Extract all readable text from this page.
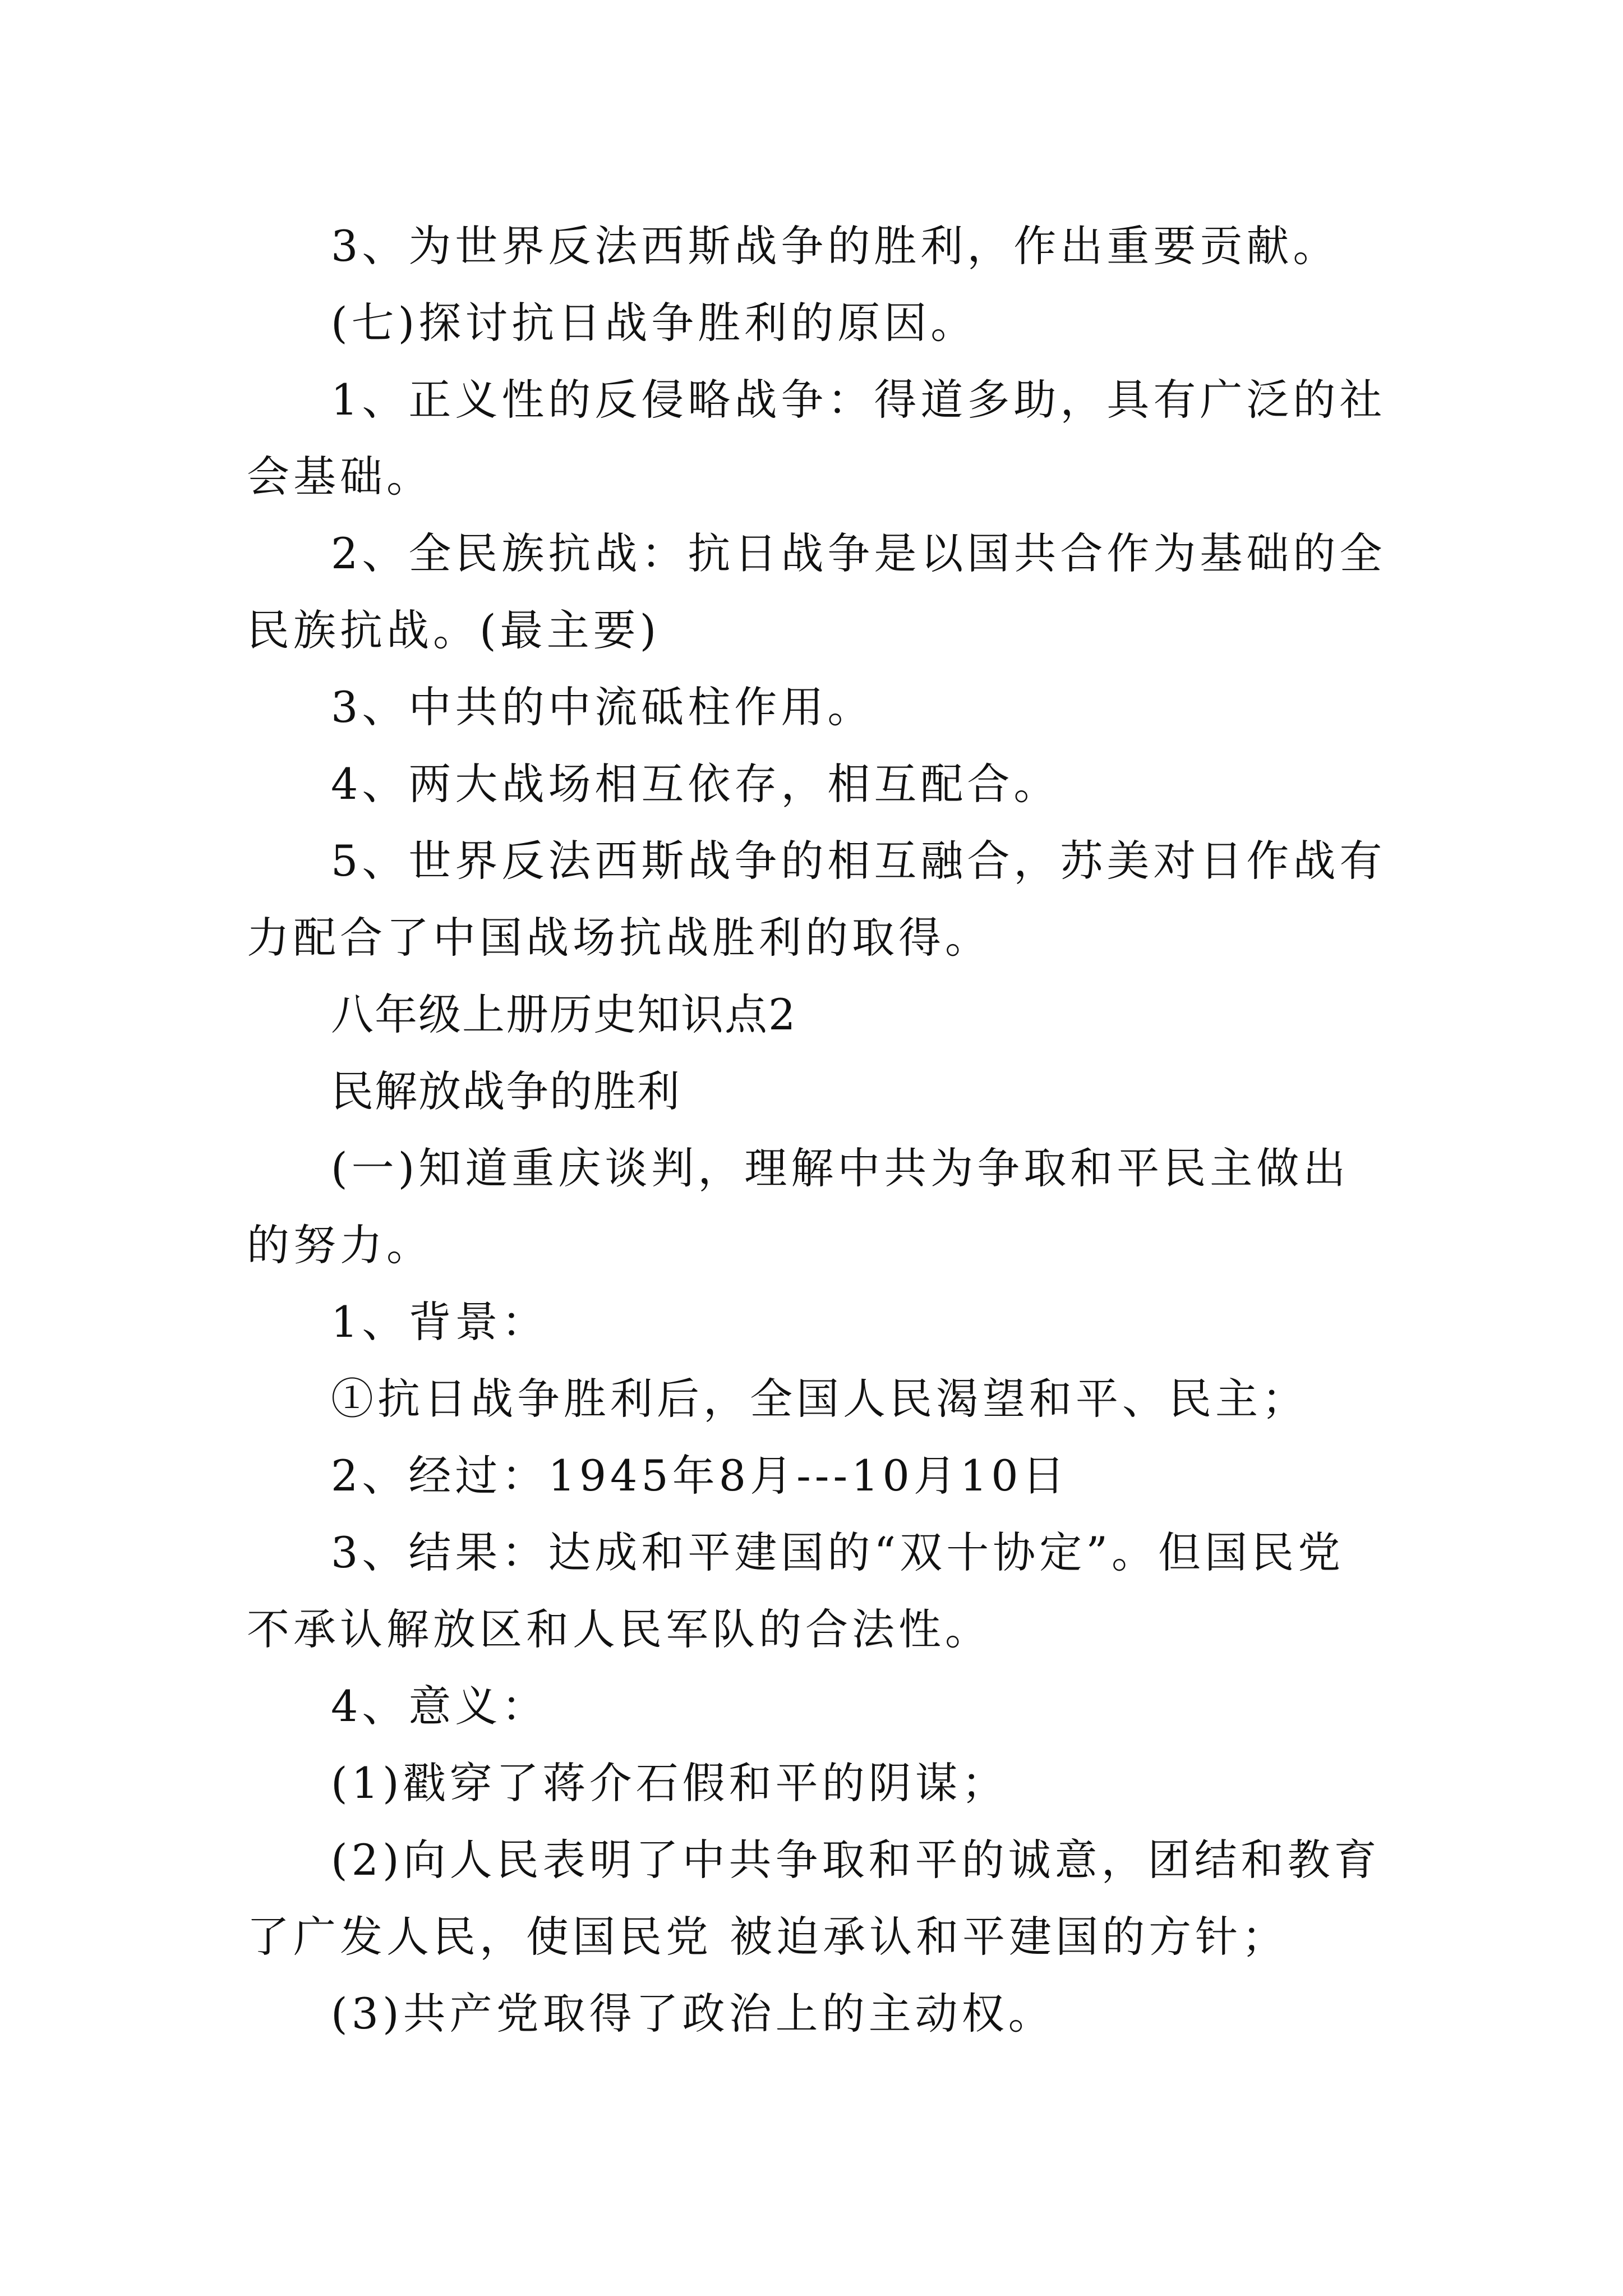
3、为世界反法西斯战争的胜利，作出重要贡献。

(七)探讨抗日战争胜利的原因。

1、正义性的反侵略战争：得道多助，具有广泛的社会基础。

2、全民族抗战：抗日战争是以国共合作为基础的全民族抗战。(最主要)

3、中共的中流砥柱作用。

4、两大战场相互依存，相互配合。

5、世界反法西斯战争的相互融合，苏美对日作战有力配合了中国战场抗战胜利的取得。

八年级上册历史知识点2

民解放战争的胜利

(一)知道重庆谈判，理解中共为争取和平民主做出的努力。

1、背景：

①抗日战争胜利后，全国人民渴望和平、民主；

2、经过：1945年8月---10月10日

3、结果：达成和平建国的“双十协定”。但国民党不承认解放区和人民军队的合法性。

4、意义：

(1)戳穿了蒋介石假和平的阴谋；

(2)向人民表明了中共争取和平的诚意，团结和教育了广发人民，使国民党 被迫承认和平建国的方针；

(3)共产党取得了政治上的主动权。
